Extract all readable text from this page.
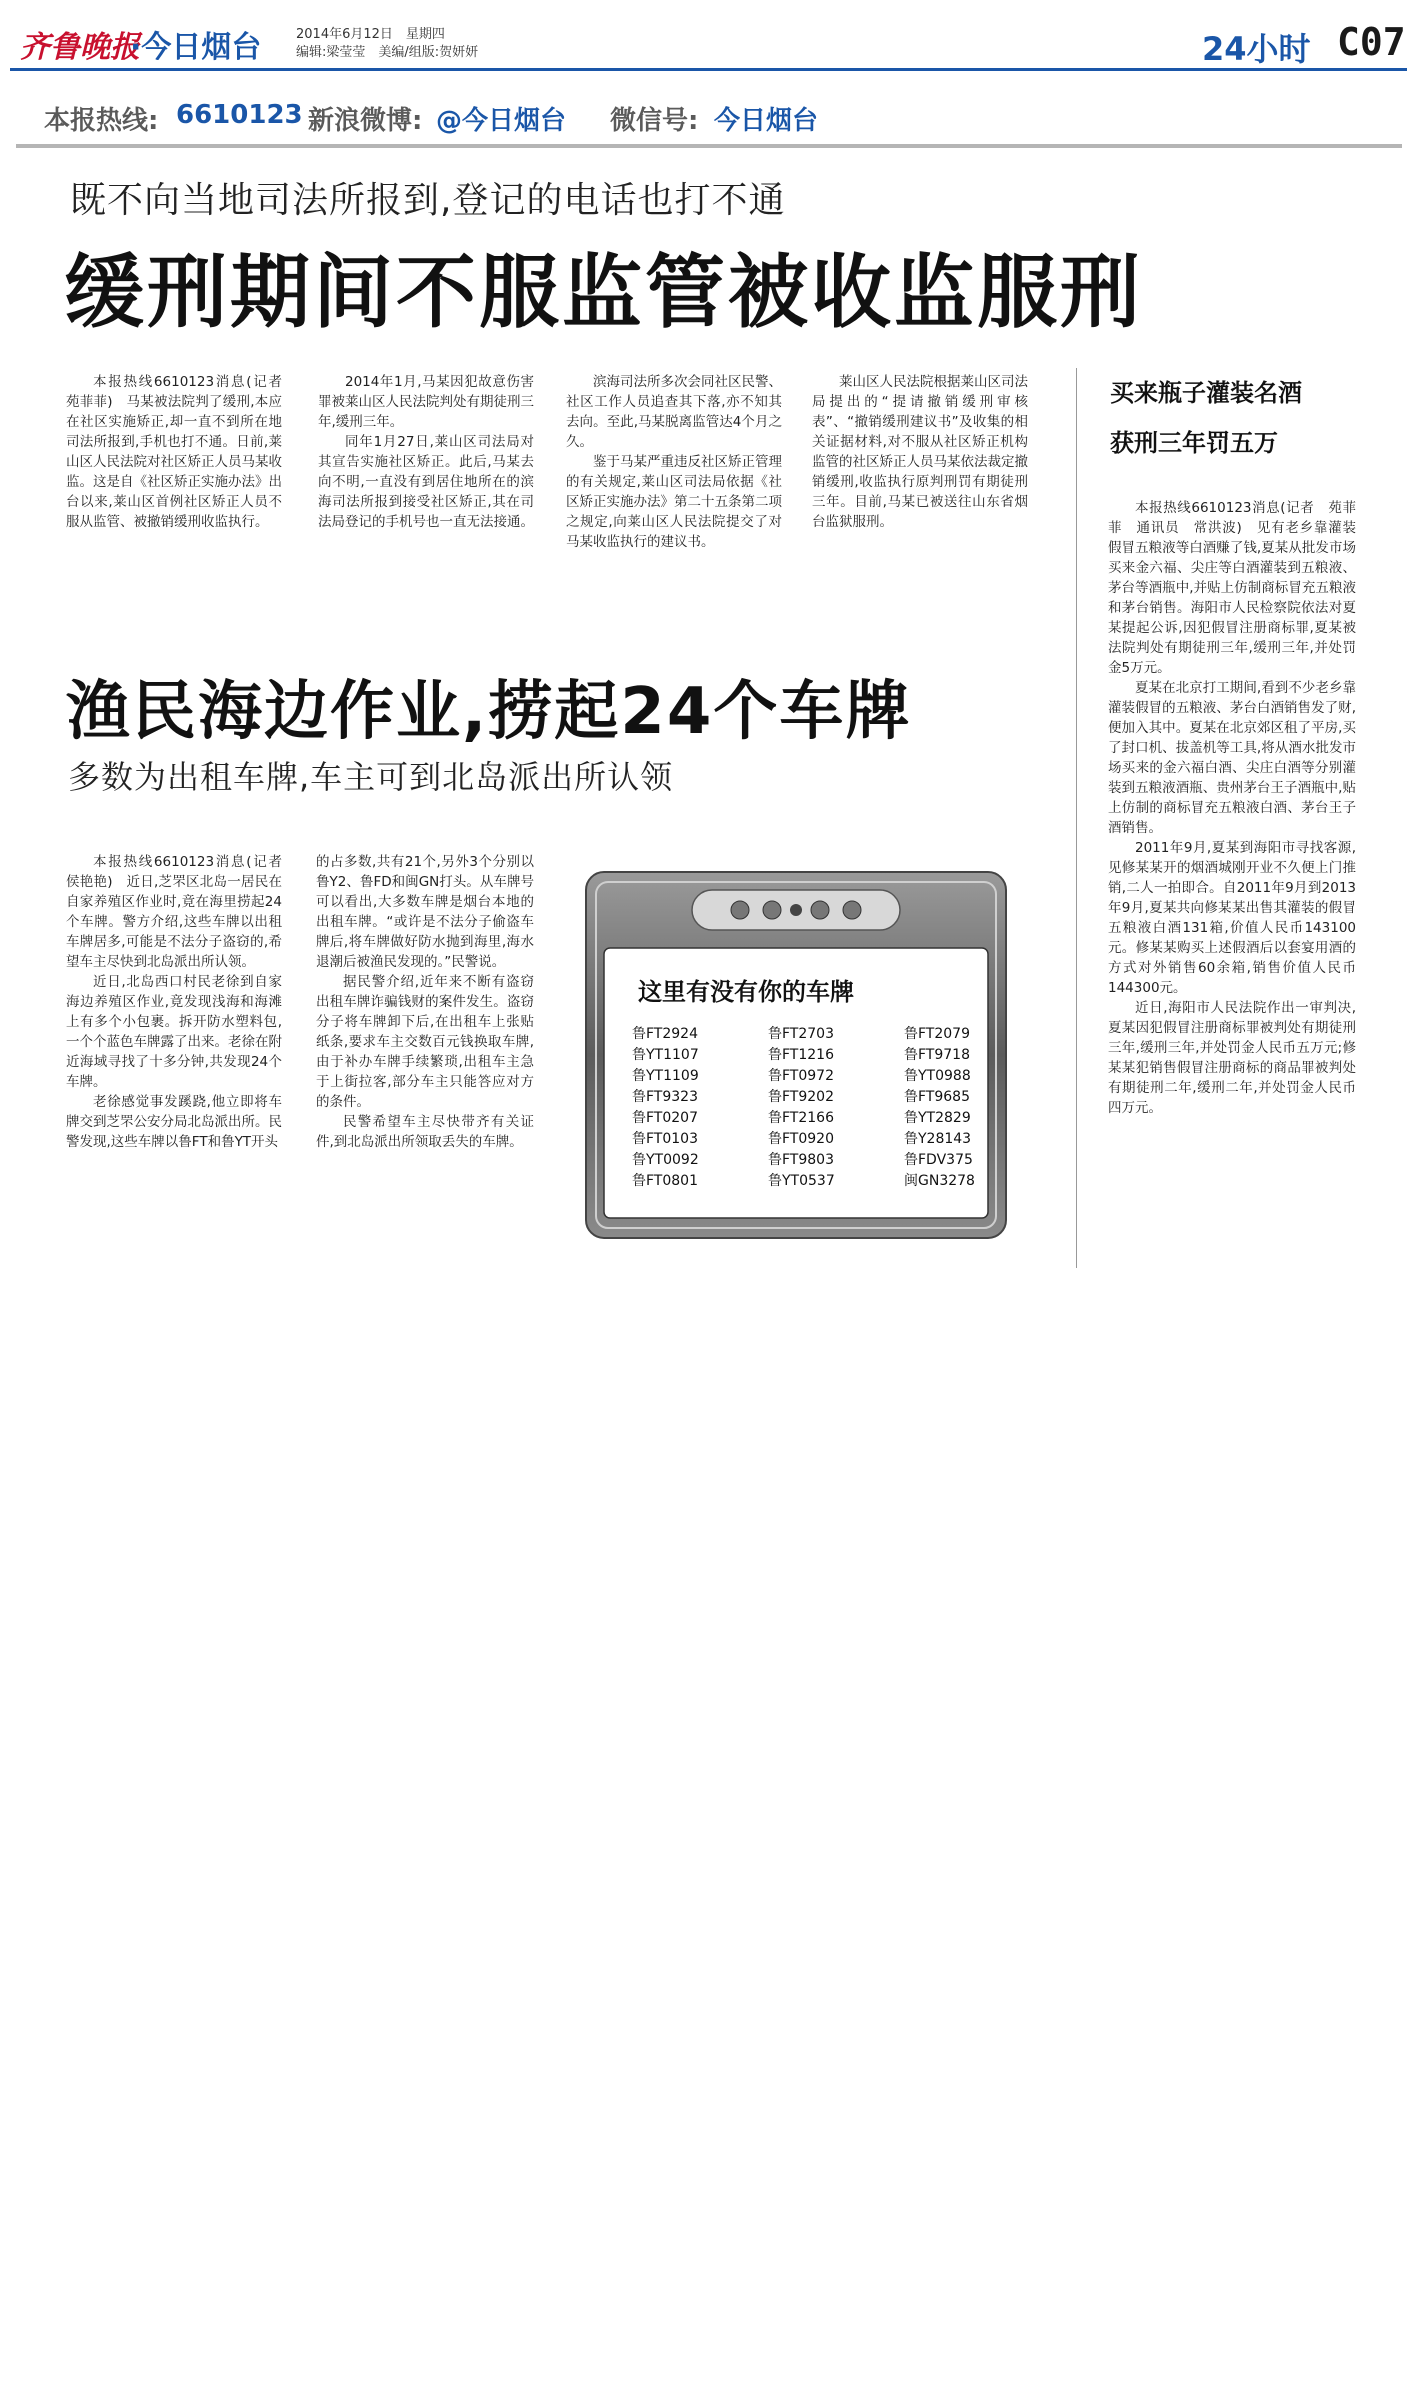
齐鲁晚报
·今日烟台	2014年6月12日　星期四
编辑:梁莹莹　美编/组版:贺妍妍	24小时 C07
本报热线: 6610123 新浪微博: @今日烟台 微信号: 今日烟台
既不向当地司法所报到,登记的电话也打不通
缓刑期间不服监管被收监服刑

本报热线6610123消息(记者　苑菲菲)　马某被法院判了缓刑,本应在社区实施矫正,却一直不到所在地司法所报到,手机也打不通。日前,莱山区人民法院对社区矫正人员马某收监。这是自《社区矫正实施办法》出台以来,莱山区首例社区矫正人员不服从监管、被撤销缓刑收监执行。

2014年1月,马某因犯故意伤害罪被莱山区人民法院判处有期徒刑三年,缓刑三年。

同年1月27日,莱山区司法局对其宣告实施社区矫正。此后,马某去向不明,一直没有到居住地所在的滨海司法所报到接受社区矫正,其在司法局登记的手机号也一直无法接通。

滨海司法所多次会同社区民警、社区工作人员追查其下落,亦不知其去向。至此,马某脱离监管达4个月之久。

鉴于马某严重违反社区矫正管理的有关规定,莱山区司法局依据《社区矫正实施办法》第二十五条第二项之规定,向莱山区人民法院提交了对马某收监执行的建议书。

莱山区人民法院根据莱山区司法局提出的“提请撤销缓刑审核表”、“撤销缓刑建议书”及收集的相关证据材料,对不服从社区矫正机构监管的社区矫正人员马某依法裁定撤销缓刑,收监执行原判刑罚有期徒刑三年。目前,马某已被送往山东省烟台监狱服刑。

买来瓶子灌装名酒
获刑三年罚五万

本报热线6610123消息(记者　苑菲菲　通讯员　常洪波)　见有老乡靠灌装假冒五粮液等白酒赚了钱,夏某从批发市场买来金六福、尖庄等白酒灌装到五粮液、茅台等酒瓶中,并贴上仿制商标冒充五粮液和茅台销售。海阳市人民检察院依法对夏某提起公诉,因犯假冒注册商标罪,夏某被法院判处有期徒刑三年,缓刑三年,并处罚金5万元。

夏某在北京打工期间,看到不少老乡靠灌装假冒的五粮液、茅台白酒销售发了财,便加入其中。夏某在北京郊区租了平房,买了封口机、拔盖机等工具,将从酒水批发市场买来的金六福白酒、尖庄白酒等分别灌装到五粮液酒瓶、贵州茅台王子酒瓶中,贴上仿制的商标冒充五粮液白酒、茅台王子酒销售。

2011年9月,夏某到海阳市寻找客源,见修某某开的烟酒城刚开业不久便上门推销,二人一拍即合。自2011年9月到2013年9月,夏某共向修某某出售其灌装的假冒五粮液白酒131箱,价值人民币143100元。修某某购买上述假酒后以套宴用酒的方式对外销售60余箱,销售价值人民币144300元。

近日,海阳市人民法院作出一审判决,夏某因犯假冒注册商标罪被判处有期徒刑三年,缓刑三年,并处罚金人民币五万元;修某某犯销售假冒注册商标的商品罪被判处有期徒刑二年,缓刑二年,并处罚金人民币四万元。

渔民海边作业,捞起24个车牌
多数为出租车牌,车主可到北岛派出所认领

本报热线6610123消息(记者　侯艳艳)　近日,芝罘区北岛一居民在自家养殖区作业时,竟在海里捞起24个车牌。警方介绍,这些车牌以出租车牌居多,可能是不法分子盗窃的,希望车主尽快到北岛派出所认领。

近日,北岛西口村民老徐到自家海边养殖区作业,竟发现浅海和海滩上有多个小包裹。拆开防水塑料包,一个个蓝色车牌露了出来。老徐在附近海域寻找了十多分钟,共发现24个车牌。

老徐感觉事发蹊跷,他立即将车牌交到芝罘公安分局北岛派出所。民警发现,这些车牌以鲁FT和鲁YT开头

的占多数,共有21个,另外3个分别以鲁Y2、鲁FD和闽GN打头。从车牌号可以看出,大多数车牌是烟台本地的出租车牌。“或许是不法分子偷盗车牌后,将车牌做好防水抛到海里,海水退潮后被渔民发现的。”民警说。

据民警介绍,近年来不断有盗窃出租车牌诈骗钱财的案件发生。盗窃分子将车牌卸下后,在出租车上张贴纸条,要求车主交数百元钱换取车牌,由于补办车牌手续繁琐,出租车主急于上街拉客,部分车主只能答应对方的条件。

民警希望车主尽快带齐有关证件,到北岛派出所领取丢失的车牌。

这里有没有你的车牌
鲁FT2924
鲁YT1107
鲁YT1109
鲁FT9323
鲁FT0207
鲁FT0103
鲁YT0092
鲁FT0801
鲁FT2703
鲁FT1216
鲁FT0972
鲁FT9202
鲁FT2166
鲁FT0920
鲁FT9803
鲁YT0537
鲁FT2079
鲁FT9718
鲁YT0988
鲁FT9685
鲁YT2829
鲁Y28143
鲁FDV375
闽GN3278
